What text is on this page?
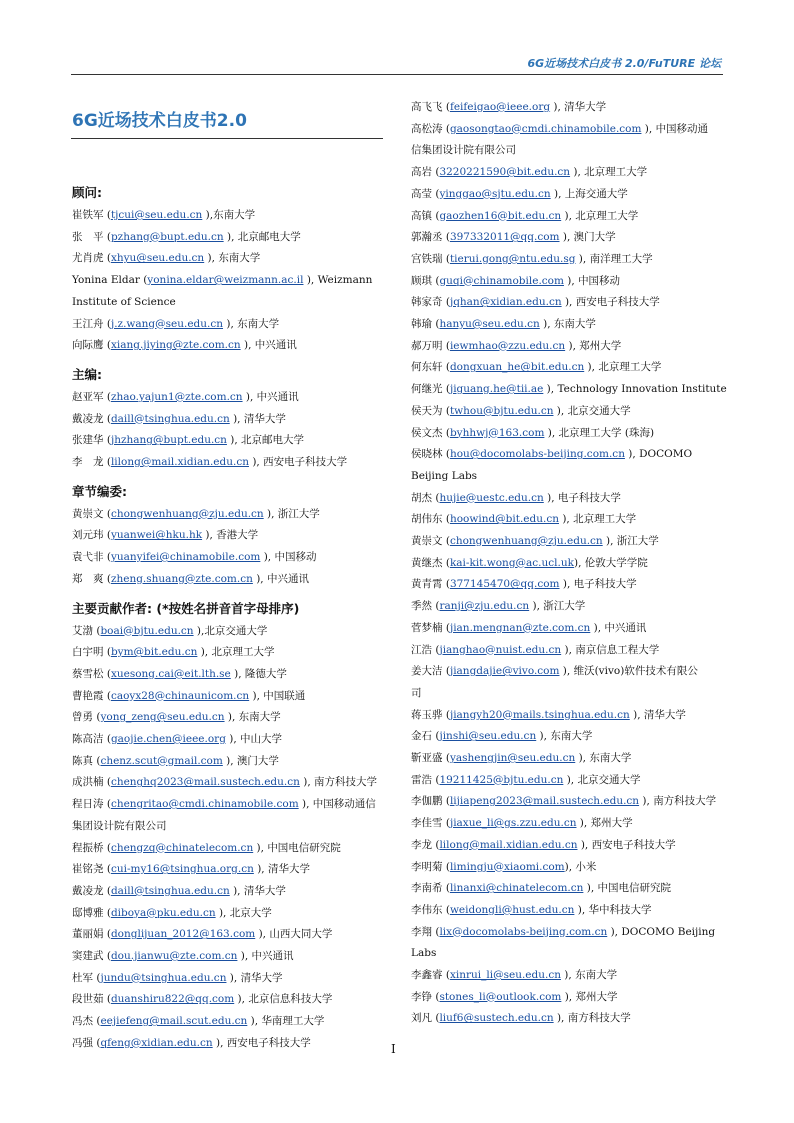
6G近场技术白皮书 2.0/FuTURE 论坛
6G近场技术白皮书2.0
顾问:
崔铁军 (tjcui@seu.edu.cn ),东南大学
张　平 (pzhang@bupt.edu.cn ), 北京邮电大学
尤肖虎 (xhyu@seu.edu.cn ), 东南大学
Yonina Eldar (yonina.eldar@weizmann.ac.il ), Weizmann
Institute of Science
王江舟 (j.z.wang@seu.edu.cn ), 东南大学
向际鹰 (xiang.jiying@zte.com.cn ), 中兴通讯
主编:
赵亚军 (zhao.yajun1@zte.com.cn ), 中兴通讯
戴凌龙 (daill@tsinghua.edu.cn ), 清华大学
张建华 (jhzhang@bupt.edu.cn ), 北京邮电大学
李　龙 (lilong@mail.xidian.edu.cn ), 西安电子科技大学
章节编委:
黄崇文 (chongwenhuang@zju.edu.cn ), 浙江大学
刘元玮 (yuanwei@hku.hk ), 香港大学
袁弋非 (yuanyifei@chinamobile.com ), 中国移动
郑　爽 (zheng.shuang@zte.com.cn ), 中兴通讯
主要贡献作者: (*按姓名拼音首字母排序)
艾渤 (boai@bjtu.edu.cn ),北京交通大学
白宇明 (bym@bit.edu.cn ), 北京理工大学
蔡雪松 (xuesong.cai@eit.lth.se ), 隆德大学
曹艳霞 (caoyx28@chinaunicom.cn ), 中国联通
曾勇 (yong_zeng@seu.edu.cn ), 东南大学
陈高洁 (gaojie.chen@ieee.org ), 中山大学
陈真 (chenz.scut@gmail.com ), 澳门大学
成洪楠 (chenghq2023@mail.sustech.edu.cn ), 南方科技大学
程日涛 (chengritao@cmdi.chinamobile.com ), 中国移动通信
集团设计院有限公司
程振桥 (chengzq@chinatelecom.cn ), 中国电信研究院
崔铭尧 (cui-my16@tsinghua.org.cn ), 清华大学
戴凌龙 (daill@tsinghua.edu.cn ), 清华大学
邸博雅 (diboya@pku.edu.cn ), 北京大学
董丽娟 (donglijuan_2012@163.com ), 山西大同大学
窦建武 (dou.jianwu@zte.com.cn ), 中兴通讯
杜军 (jundu@tsinghua.edu.cn ), 清华大学
段世茹 (duanshiru822@qq.com ), 北京信息科技大学
冯杰 (eejiefeng@mail.scut.edu.cn ), 华南理工大学
冯强 (qfeng@xidian.edu.cn ), 西安电子科技大学
高飞飞 (feifeigao@ieee.org ), 清华大学
高松涛 (gaosongtao@cmdi.chinamobile.com ), 中国移动通
信集团设计院有限公司
高岩 (3220221590@bit.edu.cn ), 北京理工大学
高莹 (yinggao@sjtu.edu.cn ), 上海交通大学
高镇 (gaozhen16@bit.edu.cn ), 北京理工大学
郭瀚丞 (397332011@qq.com ), 澳门大学
宫铁瑞 (tierui.gong@ntu.edu.sg ), 南洋理工大学
顾琪 (guqi@chinamobile.com ), 中国移动
韩家奇 (jqhan@xidian.edu.cn ), 西安电子科技大学
韩瑜 (hanyu@seu.edu.cn ), 东南大学
郝万明 (iewmhao@zzu.edu.cn ), 郑州大学
何东轩 (dongxuan_he@bit.edu.cn ), 北京理工大学
何继光 (jiguang.he@tii.ae ), Technology Innovation Institute
侯天为 (twhou@bjtu.edu.cn ), 北京交通大学
侯文杰 (byhhwj@163.com ), 北京理工大学 (珠海)
侯晓林 (hou@docomolabs-beijing.com.cn ), DOCOMO
Beijing Labs
胡杰 (hujie@uestc.edu.cn ), 电子科技大学
胡伟东 (hoowind@bit.edu.cn ), 北京理工大学
黄崇文 (chongwenhuang@zju.edu.cn ), 浙江大学
黄继杰 (kai-kit.wong@ac.ucl.uk), 伦敦大学学院
黄青霄 (377145470@qq.com ), 电子科技大学
季然 (ranji@zju.edu.cn ), 浙江大学
菅梦楠 (jian.mengnan@zte.com.cn ), 中兴通讯
江浩 (jianghao@nuist.edu.cn ), 南京信息工程大学
姜大洁 (jiangdajie@vivo.com ), 维沃(vivo)软件技术有限公
司
蒋玉骅 (jiangyh20@mails.tsinghua.edu.cn ), 清华大学
金石 (jinshi@seu.edu.cn ), 东南大学
靳亚盛 (yashengjin@seu.edu.cn ), 东南大学
雷浩 (19211425@bjtu.edu.cn ), 北京交通大学
李伽鹏 (lijiapeng2023@mail.sustech.edu.cn ), 南方科技大学
李佳雪 (jiaxue_li@gs.zzu.edu.cn ), 郑州大学
李龙 (lilong@mail.xidian.edu.cn ), 西安电子科技大学
李明菊 (limingju@xiaomi.com), 小米
李南希 (linanxi@chinatelecom.cn ), 中国电信研究院
李伟东 (weidongli@hust.edu.cn ), 华中科技大学
李翔 (lix@docomolabs-beijing.com.cn ), DOCOMO Beijing
Labs
李鑫睿 (xinrui_li@seu.edu.cn ), 东南大学
李铮 (stones_li@outlook.com ), 郑州大学
刘凡 (liuf6@sustech.edu.cn ), 南方科技大学
I
